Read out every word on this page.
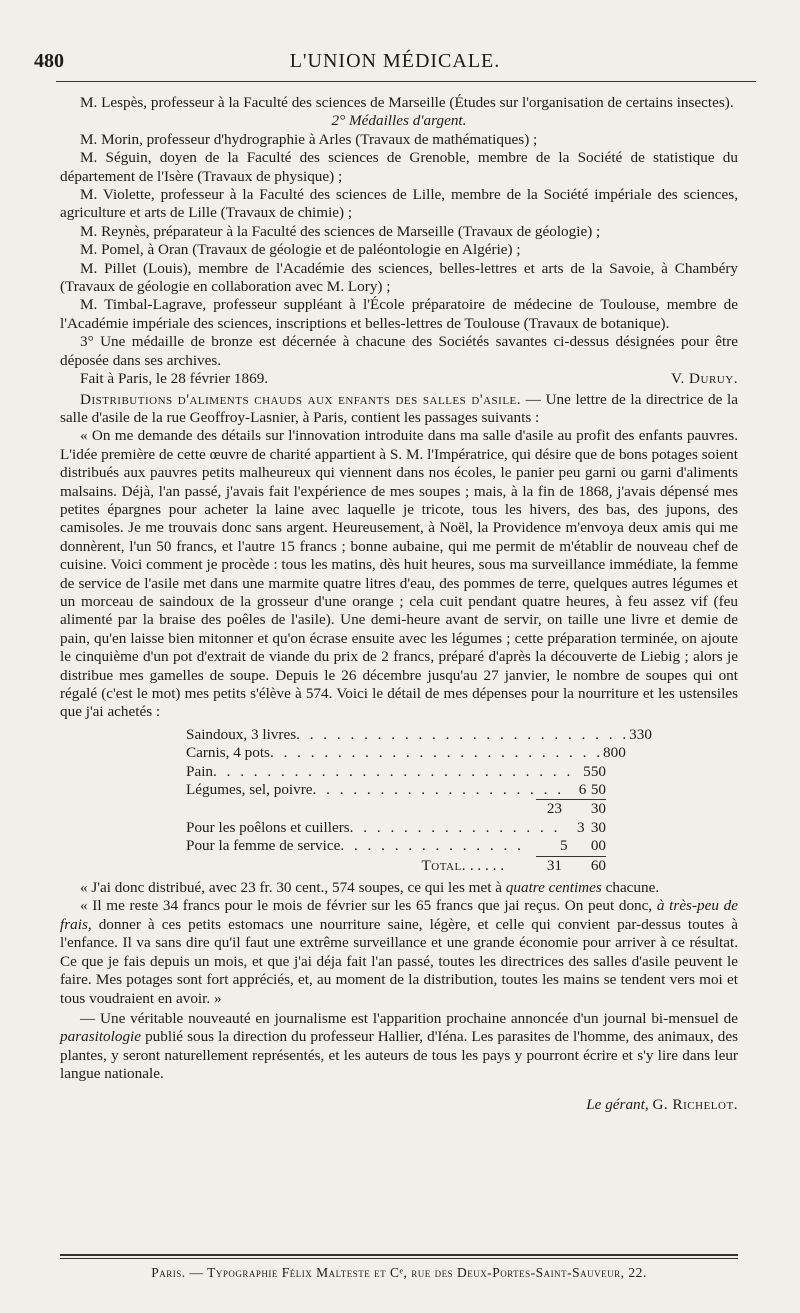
480	L'UNION MÉDICALE.

M. Lespès, professeur à la Faculté des sciences de Marseille (Études sur l'organisation de certains insectes).

2° Médailles d'argent.

M. Morin, professeur d'hydrographie à Arles (Travaux de mathématiques) ;

M. Séguin, doyen de la Faculté des sciences de Grenoble, membre de la Société de statistique du département de l'Isère (Travaux de physique) ;

M. Violette, professeur à la Faculté des sciences de Lille, membre de la Société impériale des sciences, agriculture et arts de Lille (Travaux de chimie) ;

M. Reynès, préparateur à la Faculté des sciences de Marseille (Travaux de géologie) ;

M. Pomel, à Oran (Travaux de géologie et de paléontologie en Algérie) ;

M. Pillet (Louis), membre de l'Académie des sciences, belles-lettres et arts de la Savoie, à Chambéry (Travaux de géologie en collaboration avec M. Lory) ;

M. Timbal-Lagrave, professeur suppléant à l'École préparatoire de médecine de Toulouse, membre de l'Académie impériale des sciences, inscriptions et belles-lettres de Toulouse (Travaux de botanique).

3° Une médaille de bronze est décernée à chacune des Sociétés savantes ci-dessus désignées pour être déposée dans ses archives.

Fait à Paris, le 28 février 1869.	V. Duruy.

Distributions d'aliments chauds aux enfants des salles d'asile. — Une lettre de la directrice de la salle d'asile de la rue Geoffroy-Lasnier, à Paris, contient les passages suivants :

« On me demande des détails sur l'innovation introduite dans ma salle d'asile au profit des enfants pauvres. L'idée première de cette œuvre de charité appartient à S. M. l'Impératrice, qui désire que de bons potages soient distribués aux pauvres petits malheureux qui viennent dans nos écoles, le panier peu garni ou garni d'aliments malsains. Déjà, l'an passé, j'avais fait l'expérience de mes soupes ; mais, à la fin de 1868, j'avais dépensé mes petites épargnes pour acheter la laine avec laquelle je tricote, tous les hivers, des bas, des jupons, des camisoles. Je me trouvais donc sans argent. Heureusement, à Noël, la Providence m'envoya deux amis qui me donnèrent, l'un 50 francs, et l'autre 15 francs ; bonne aubaine, qui me permit de m'établir de nouveau chef de cuisine. Voici comment je procède : tous les matins, dès huit heures, sous ma surveillance immédiate, la femme de service de l'asile met dans une marmite quatre litres d'eau, des pommes de terre, quelques autres légumes et un morceau de saindoux de la grosseur d'une orange ; cela cuit pendant quatre heures, à feu assez vif (feu alimenté par la braise des poêles de l'asile). Une demi-heure avant de servir, on taille une livre et demie de pain, qu'en laisse bien mitonner et qu'on écrase ensuite avec les légumes ; cette préparation terminée, on ajoute le cinquième d'un pot d'extrait de viande du prix de 2 francs, préparé d'après la découverte de Liebig ; alors je distribue mes gamelles de soupe. Depuis le 26 décembre jusqu'au 27 janvier, le nombre de soupes qui ont régalé (c'est le mot) mes petits s'élève à 574. Voici le détail de mes dépenses pour la nourriture et les ustensiles que j'ai achetés :

Saindoux, 3 livres. . . . . . . . . . . . . . . . . . . . . . . . . 3 30
Carnis, 4 pots. . . . . . . . . . . . . . . . . . . . . . . . . 8 00
Pain. . . . . . . . . . . . . . . . . . . . . . . . . . . 5 50
Légumes, sel, poivre. . . . . . . . . . . . . . . . . . . 6 50
23	30
Pour les poêlons et cuillers. . . . . . . . . . . . . . . .	3 30
Pour la femme de service. . . . . . . . . . . . . .	5	00
Total. . . . . .	31	60

« J'ai donc distribué, avec 23 fr. 30 cent., 574 soupes, ce qui les met à quatre centimes chacune.

« Il me reste 34 francs pour le mois de février sur les 65 francs que jai reçus. On peut donc, à très-peu de frais, donner à ces petits estomacs une nourriture saine, légère, et celle qui convient par-dessus toutes à l'enfance. Il va sans dire qu'il faut une extrême surveillance et une grande économie pour arriver à ce résultat. Ce que je fais depuis un mois, et que j'ai déja fait l'an passé, toutes les directrices des salles d'asile peuvent le faire. Mes potages sont fort appréciés, et, au moment de la distribution, toutes les mains se tendent vers moi et tous voudraient en avoir. »

— Une véritable nouveauté en journalisme est l'apparition prochaine annoncée d'un journal bi-mensuel de parasitologie publié sous la direction du professeur Hallier, d'Iéna. Les parasites de l'homme, des animaux, des plantes, y seront naturellement représentés, et les auteurs de tous les pays y pourront écrire et s'y lire dans leur langue nationale.

Le gérant, G. Richelot.
Paris. — Typographie Félix Malteste et Cᵉ, rue des Deux-Portes-Saint-Sauveur, 22.
